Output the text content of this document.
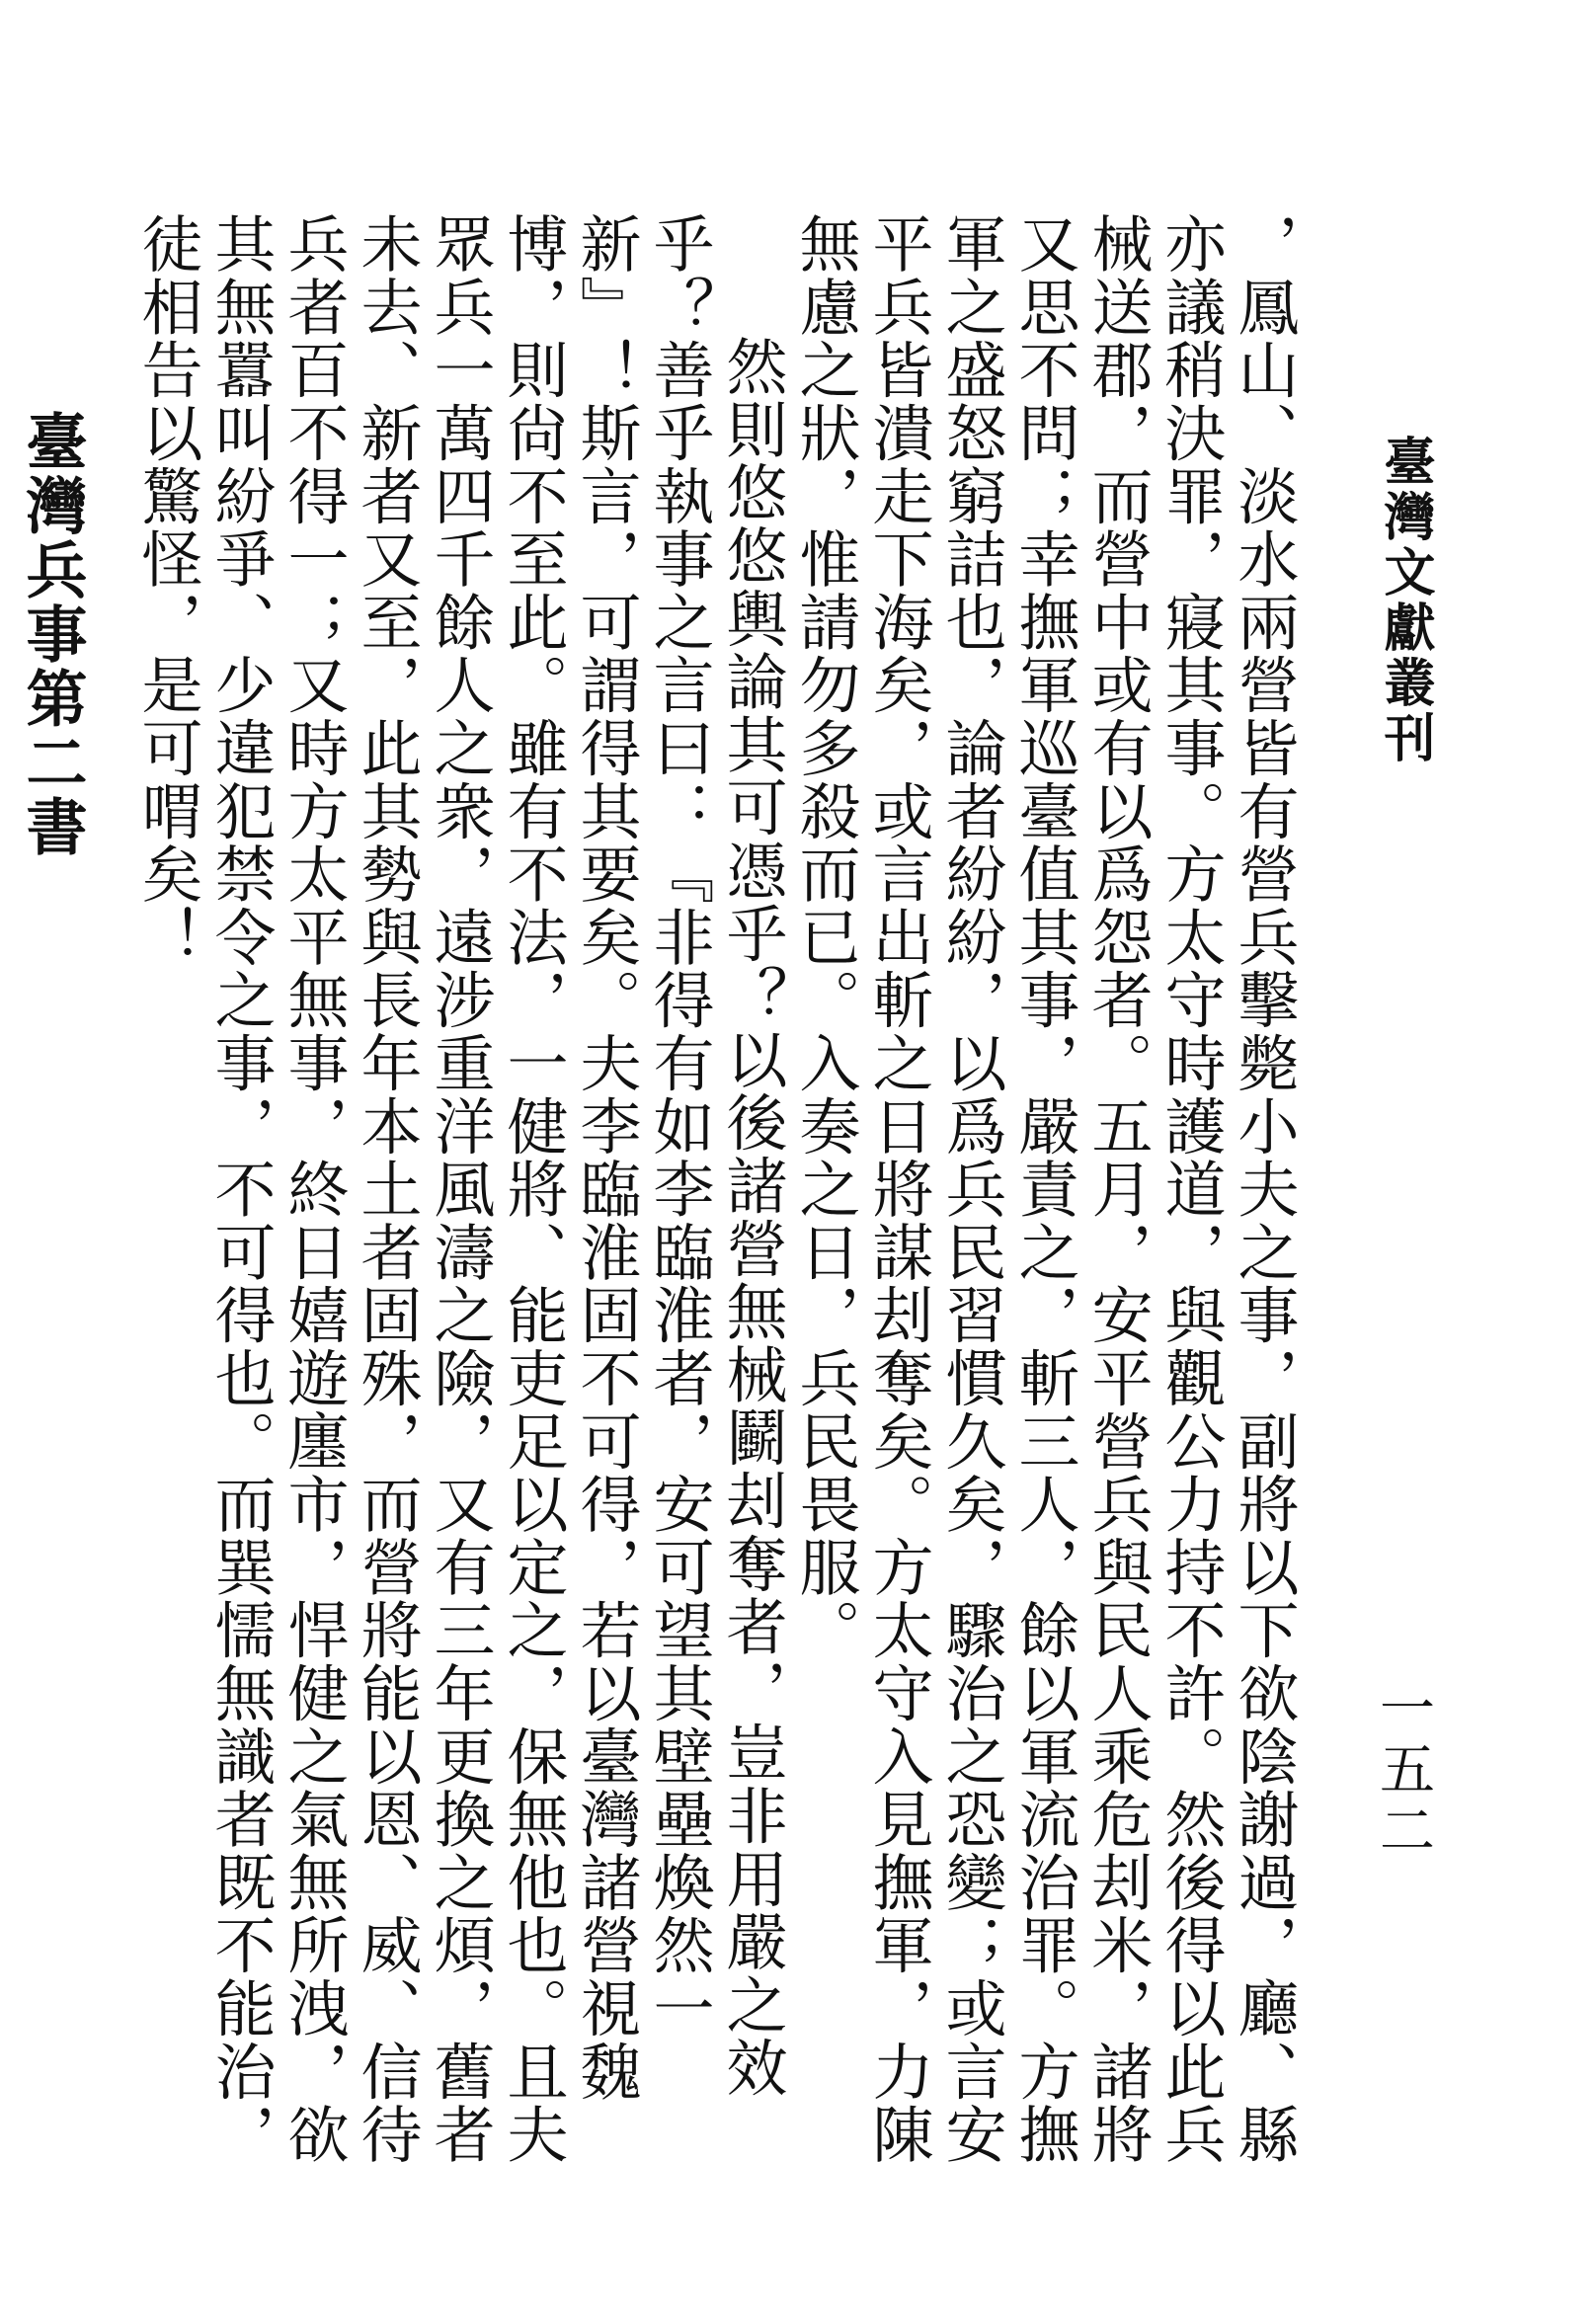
臺灣文獻叢刊
一五二

，鳳山、淡水兩營皆有營兵擊斃小夫之事，副將以下欲陰謝過，廳、縣亦議稍決罪，寢其事。方太守時護道，與觀公力持不許。然後得以此兵械送郡，而營中或有以爲怨者。五月，安平營兵與民人乘危刦米，諸將又思不問；幸撫軍巡臺值其事，嚴責之，斬三人，餘以軍流治罪。方撫軍之盛怒窮詰也，論者紛紛，以爲兵民習慣久矣，驟治之恐變；或言安平兵皆潰走下海矣，或言出斬之日將謀刦奪矣。方太守入見撫軍，力陳無慮之狀，惟請勿多殺而已。入奏之日，兵民畏服。

然則悠悠輿論其可憑乎？以後諸營無械鬬刦奪者，豈非用嚴之效乎？善乎執事之言曰：『非得有如李臨淮者，安可望其壁壘煥然一新』！斯言，可謂得其要矣。夫李臨淮固不可得，若以臺灣諸營視魏博，則尙不至此。雖有不法，一健將、能吏足以定之，保無他也。且夫眾兵一萬四千餘人之衆，遠涉重洋風濤之險，又有三年更換之煩，舊者未去、新者又至，此其勢與長年本土者固殊，而營將能以恩、威、信待兵者百不得一；又時方太平無事，終日嬉遊廛市，悍健之氣無所洩，欲其無囂叫紛爭、少違犯禁令之事，不可得也。而巽懦無識者既不能治，徒相告以驚怪，是可喟矣！

臺灣兵事第二書
